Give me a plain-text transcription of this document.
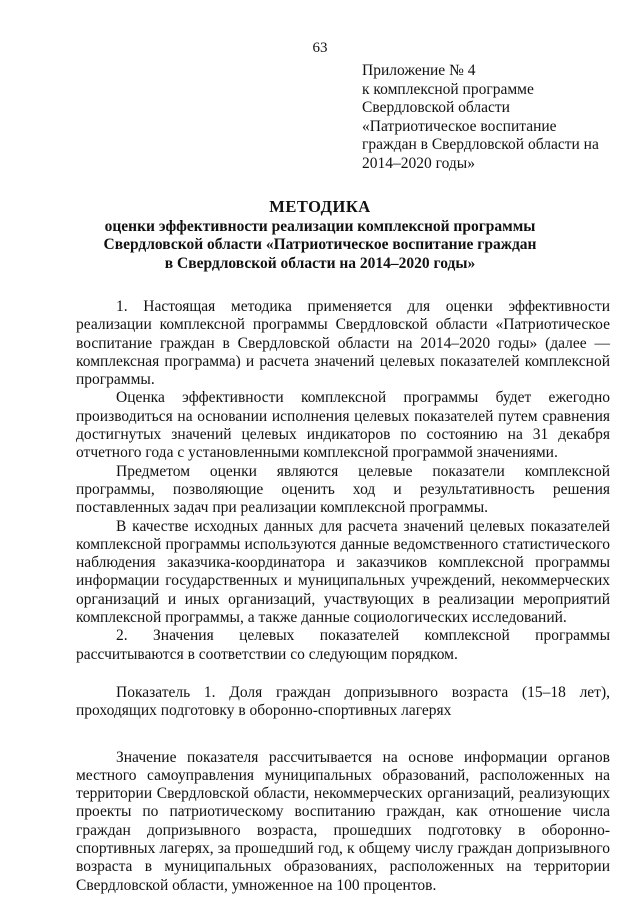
63
Приложение № 4
к комплексной программе
Свердловской области
«Патриотическое воспитание
граждан в Свердловской области на
2014–2020 годы»
МЕТОДИКА
оценки эффективности реализации комплексной программы
Свердловской области «Патриотическое воспитание граждан
в Свердловской области на 2014–2020 годы»

1. Настоящая методика применяется для оценки эффективности реализации комплексной программы Свердловской области «Патриотическое воспитание граждан в Свердловской области на 2014–2020 годы» (далее — комплексная программа) и расчета значений целевых показателей комплексной программы.

Оценка эффективности комплексной программы будет ежегодно производиться на основании исполнения целевых показателей путем сравнения достигнутых значений целевых индикаторов по состоянию на 31 декабря отчетного года с установленными комплексной программой значениями.

Предметом оценки являются целевые показатели комплексной программы, позволяющие оценить ход и результативность решения поставленных задач при реализации комплексной программы.

В качестве исходных данных для расчета значений целевых показателей комплексной программы используются данные ведомственного статистического наблюдения заказчика-координатора и заказчиков комплексной программы информации государственных и муниципальных учреждений, некоммерческих организаций и иных организаций, участвующих в реализации мероприятий комплексной программы, а также данные социологических исследований.

2. Значения целевых показателей комплексной программы рассчитываются в соответствии со следующим порядком.

Показатель 1. Доля граждан допризывного возраста (15–18 лет), проходящих подготовку в оборонно-спортивных лагерях

Значение показателя рассчитывается на основе информации органов местного самоуправления муниципальных образований, расположенных на территории Свердловской области, некоммерческих организаций, реализующих проекты по патриотическому воспитанию граждан, как отношение числа граждан допризывного возраста, прошедших подготовку в оборонно-спортивных лагерях, за прошедший год, к общему числу граждан допризывного возраста в муниципальных образованиях, расположенных на территории Свердловской области, умноженное на 100 процентов.
